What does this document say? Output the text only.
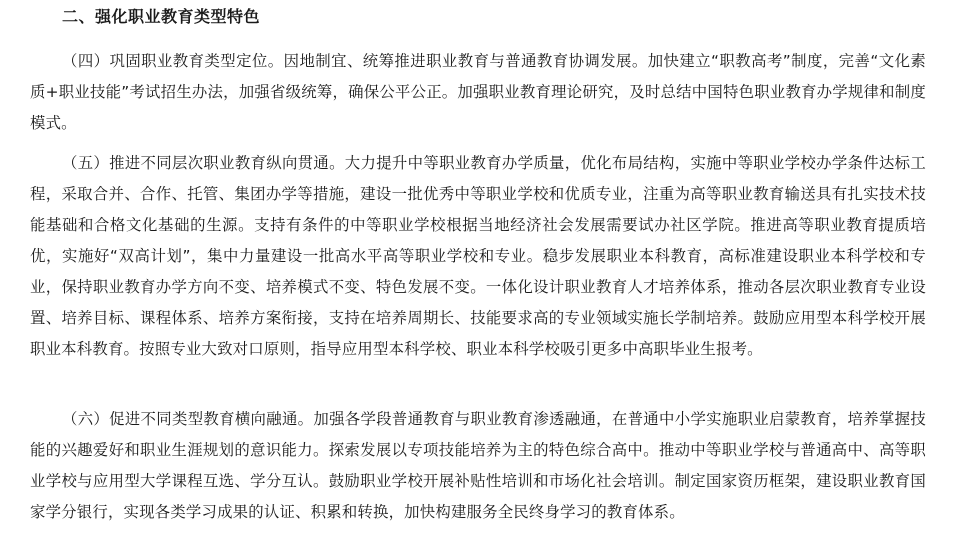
二、强化职业教育类型特色

（四）巩固职业教育类型定位。因地制宜、统筹推进职业教育与普通教育协调发展。加快建立“职教高考”制度，完善“文化素质+职业技能”考试招生办法，加强省级统筹，确保公平公正。加强职业教育理论研究，及时总结中国特色职业教育办学规律和制度模式。

（五）推进不同层次职业教育纵向贯通。大力提升中等职业教育办学质量，优化布局结构，实施中等职业学校办学条件达标工程，采取合并、合作、托管、集团办学等措施，建设一批优秀中等职业学校和优质专业，注重为高等职业教育输送具有扎实技术技能基础和合格文化基础的生源。支持有条件的中等职业学校根据当地经济社会发展需要试办社区学院。推进高等职业教育提质培优，实施好“双高计划”，集中力量建设一批高水平高等职业学校和专业。稳步发展职业本科教育，高标准建设职业本科学校和专业，保持职业教育办学方向不变、培养模式不变、特色发展不变。一体化设计职业教育人才培养体系，推动各层次职业教育专业设置、培养目标、课程体系、培养方案衔接，支持在培养周期长、技能要求高的专业领域实施长学制培养。鼓励应用型本科学校开展职业本科教育。按照专业大致对口原则，指导应用型本科学校、职业本科学校吸引更多中高职毕业生报考。

（六）促进不同类型教育横向融通。加强各学段普通教育与职业教育渗透融通，在普通中小学实施职业启蒙教育，培养掌握技能的兴趣爱好和职业生涯规划的意识能力。探索发展以专项技能培养为主的特色综合高中。推动中等职业学校与普通高中、高等职业学校与应用型大学课程互选、学分互认。鼓励职业学校开展补贴性培训和市场化社会培训。制定国家资历框架，建设职业教育国家学分银行，实现各类学习成果的认证、积累和转换，加快构建服务全民终身学习的教育体系。
